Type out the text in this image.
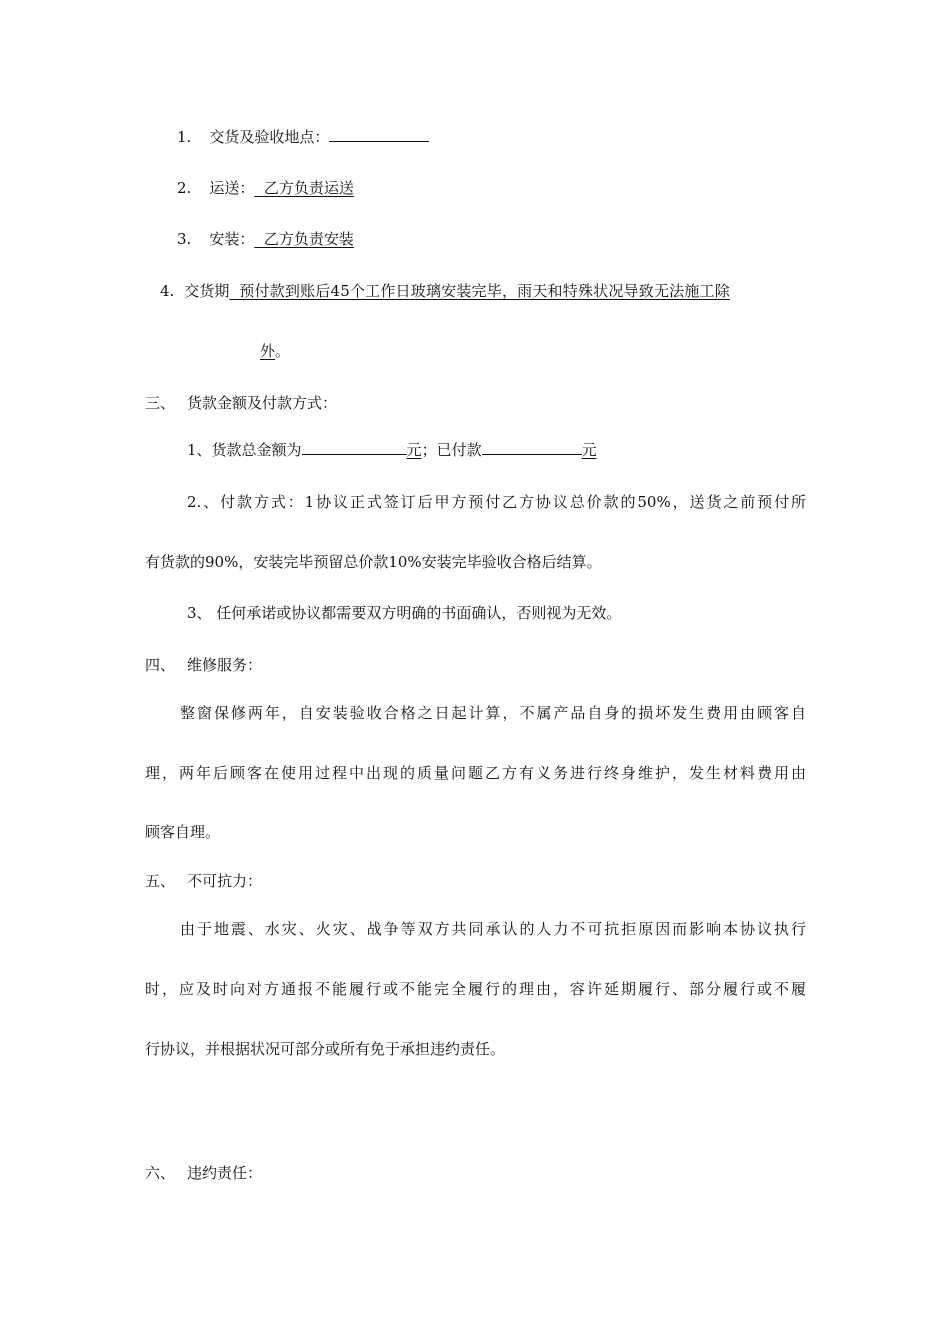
1. 交货及验收地点：
2. 运送：  乙方负责运送
3. 安装：  乙方负责安装
4. 交货期  预付款到账后45个工作日玻璃安装完毕，雨天和特殊状况导致无法施工除
外。
三、 货款金额及付款方式：
1、货款总金额为	元；已付款	元
2.、付款方式：1协议正式签订后甲方预付乙方协议总价款的50%，送货之前预付所
有货款的90%，安装完毕预留总价款10%安装完毕验收合格后结算。
3、 任何承诺或协议都需要双方明确的书面确认，否则视为无效。
四、 维修服务：
整窗保修两年，自安装验收合格之日起计算，不属产品自身的损坏发生费用由顾客自
理，两年后顾客在使用过程中出现的质量问题乙方有义务进行终身维护，发生材料费用由
顾客自理。
五、 不可抗力：
由于地震、水灾、火灾、战争等双方共同承认的人力不可抗拒原因而影响本协议执行
时，应及时向对方通报不能履行或不能完全履行的理由，容许延期履行、部分履行或不履
行协议，并根据状况可部分或所有免于承担违约责任。
六、 违约责任：
